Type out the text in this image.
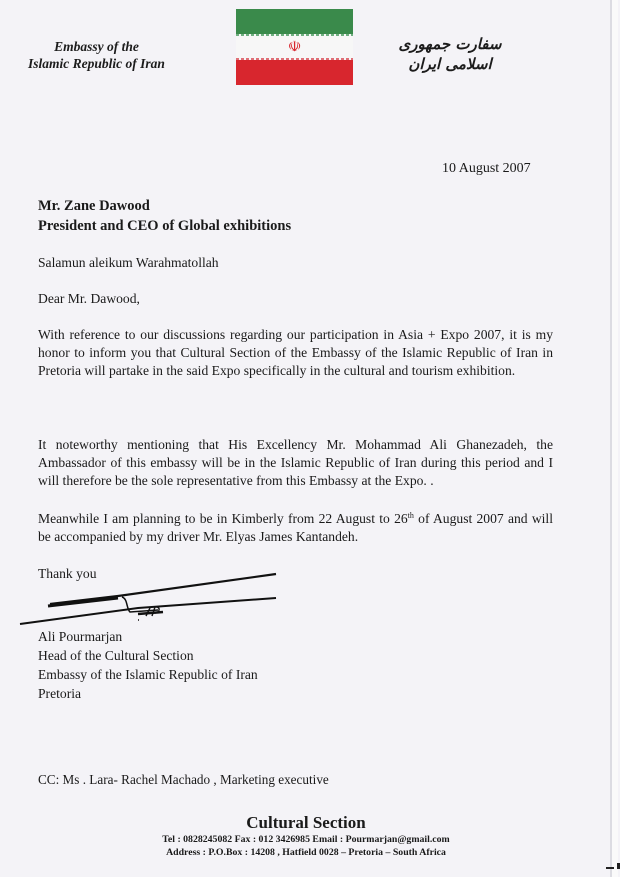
Embassy of the
Islamic Republic of Iran
☫	سفارت جمهوری اسلامی ایران
10 August 2007
Mr. Zane Dawood
President and CEO of Global exhibitions
Salamun aleikum Warahmatollah
Dear Mr. Dawood,
With reference to our discussions regarding our participation in Asia + Expo 2007, it is my honor to inform you that Cultural Section of the Embassy of the Islamic Republic of Iran in Pretoria will partake in the said Expo specifically in the cultural and tourism exhibition.
It noteworthy mentioning that His Excellency Mr. Mohammad Ali Ghanezadeh, the Ambassador of this embassy will be in the Islamic Republic of Iran during this period and I will therefore be the sole representative from this Embassy at the Expo. .
Meanwhile I am planning to be in Kimberly from 22 August to 26th of August 2007 and will be accompanied by my driver Mr. Elyas James Kantandeh.
Thank you
Ali Pourmarjan
Head of the Cultural Section
Embassy of the Islamic Republic of Iran
Pretoria
CC: Ms . Lara- Rachel Machado , Marketing executive
Cultural Section
Tel : 0828245082 Fax : 012 3426985 Email : Pourmarjan@gmail.com
Address : P.O.Box : 14208 , Hatfield 0028 – Pretoria – South Africa
